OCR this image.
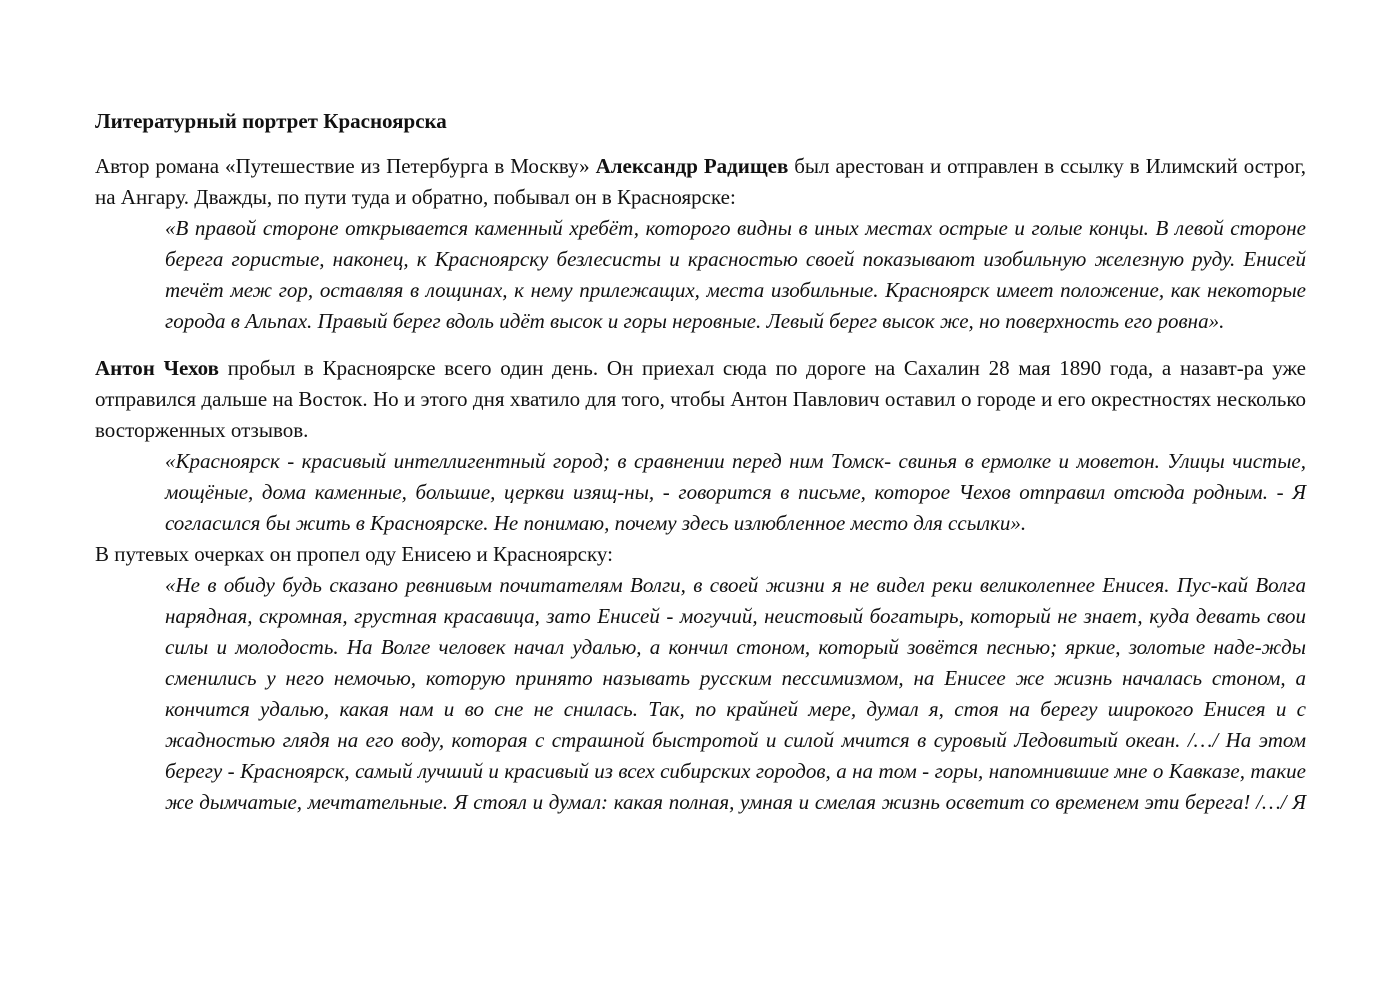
Литературный портрет Красноярска

Автор романа «Путешествие из Петербурга в Москву» Александр Радищев был арестован и отправлен в ссылку в Илимский острог, на Ангару. Дважды, по пути туда и обратно, побывал он в Красноярске:

«В правой стороне открывается каменный хребёт, которого видны в иных местах острые и голые концы. В левой стороне берега гористые, наконец, к Красноярску безлесисты и красностью своей показывают изобильную железную руду. Енисей течёт меж гор, оставляя в лощинах, к нему прилежащих, места изобильные. Красноярск имеет положение, как некоторые города в Альпах. Правый берег вдоль идёт высок и горы неровные. Левый берег высок же, но поверхность его ровна».

Антон Чехов пробыл в Красноярске всего один день. Он приехал сюда по дороге на Сахалин 28 мая 1890 года, а назавт-ра уже отправился дальше на Восток. Но и этого дня хватило для того, чтобы Антон Павлович оставил о городе и его окрестностях несколько восторженных отзывов.

«Красноярск - красивый интеллигентный город; в сравнении перед ним Томск- свинья в ермолке и моветон. Улицы чистые, мощёные, дома каменные, большие, церкви изящ-ны, - говорится в письме, которое Чехов отправил отсюда родным. - Я согласился бы жить в Красноярске. Не понимаю, почему здесь излюбленное место для ссылки».

В путевых очерках он пропел оду Енисею и Красноярску:

«Не в обиду будь сказано ревнивым почитателям Волги, в своей жизни я не видел реки великолепнее Енисея. Пус-кай Волга нарядная, скромная, грустная красавица, зато Енисей - могучий, неистовый богатырь, который не знает, куда девать свои силы и молодость. На Волге человек начал удалью, а кончил стоном, который зовётся песнью; яркие, золотые наде-жды сменились у него немочью, которую принято называть русским пессимизмом, на Енисее же жизнь началась стоном, а кончится удалью, какая нам и во сне не снилась. Так, по крайней мере, думал я, стоя на берегу широкого Енисея и с жадностью глядя на его воду, которая с страшной быстротой и силой мчится в суровый Ледовитый океан. /…/ На этом берегу - Красноярск, самый лучший и красивый из всех сибирских городов, а на том - горы, напомнившие мне о Кавказе, такие же дымчатые, мечтательные. Я стоял и думал: какая полная, умная и смелая жизнь осветит со временем эти берега! /…/ Я
